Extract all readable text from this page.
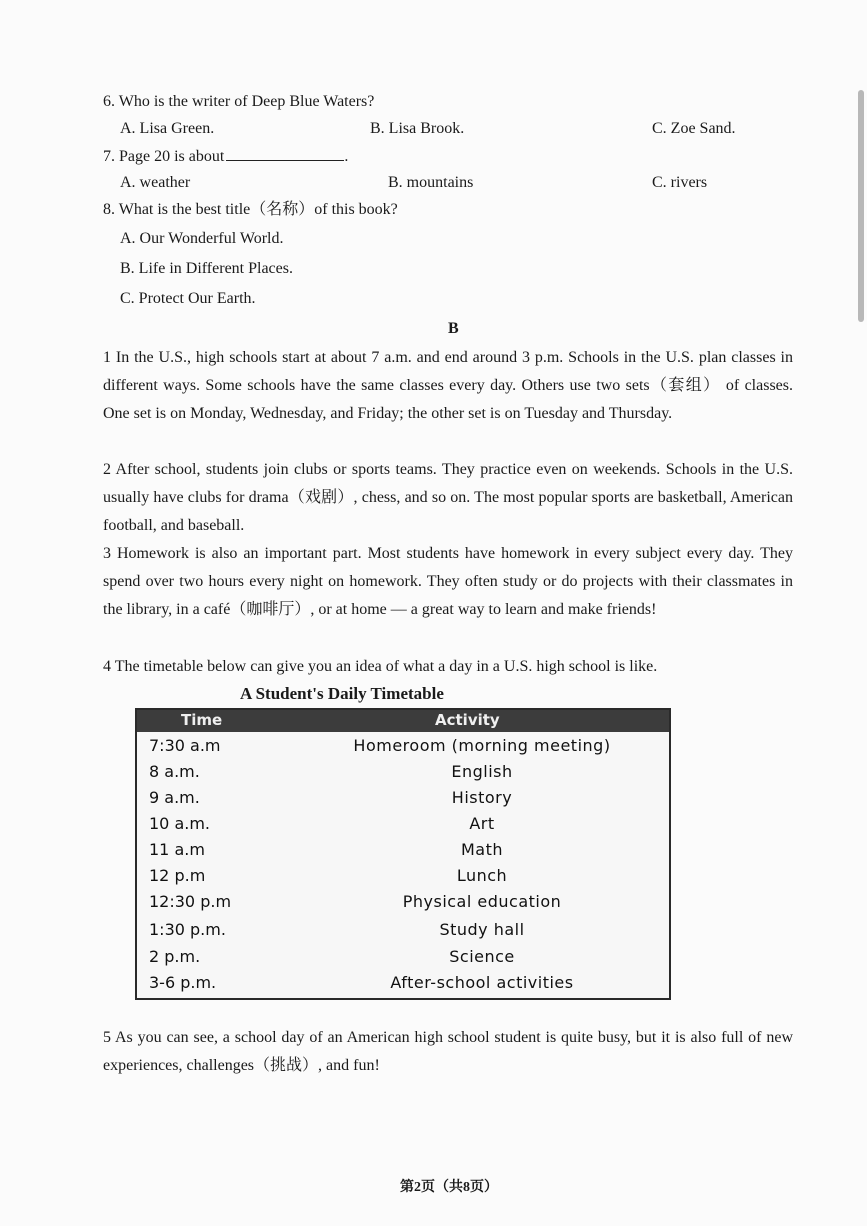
6. Who is the writer of Deep Blue Waters?
A. Lisa Green.	B. Lisa Brook.	C. Zoe Sand.
7. Page 20 is about	.
A. weather	B. mountains	C. rivers
8. What is the best title（名称）of this book?
A. Our Wonderful World.
B. Life in Different Places.
C. Protect Our Earth.
B
1 In the U.S., high schools start at about 7 a.m. and end around 3 p.m. Schools in the U.S. plan classes in different ways. Some schools have the same classes every day. Others use two sets（套组） of classes. One set is on Monday, Wednesday, and Friday; the other set is on Tuesday and Thursday.
2 After school, students join clubs or sports teams. They practice even on weekends. Schools in the U.S. usually have clubs for drama（戏剧）, chess, and so on. The most popular sports are basketball, American football, and baseball.
3 Homework is also an important part. Most students have homework in every subject every day. They spend over two hours every night on homework. They often study or do projects with their classmates in the library, in a café（咖啡厅）, or at home — a great way to learn and make friends!
4 The timetable below can give you an idea of what a day in a U.S. high school is like.
A Student's Daily Timetable
Time	Activity
7:30 a.m	Homeroom (morning meeting)
8 a.m.	English
9 a.m.	History
10 a.m.	Art
11 a.m	Math
12 p.m	Lunch
12:30 p.m	Physical education
1:30 p.m.	Study hall
2 p.m.	Science
3-6 p.m.	After-school activities
5 As you can see, a school day of an American high school student is quite busy, but it is also full of new experiences, challenges（挑战）, and fun!
第2页（共8页）
